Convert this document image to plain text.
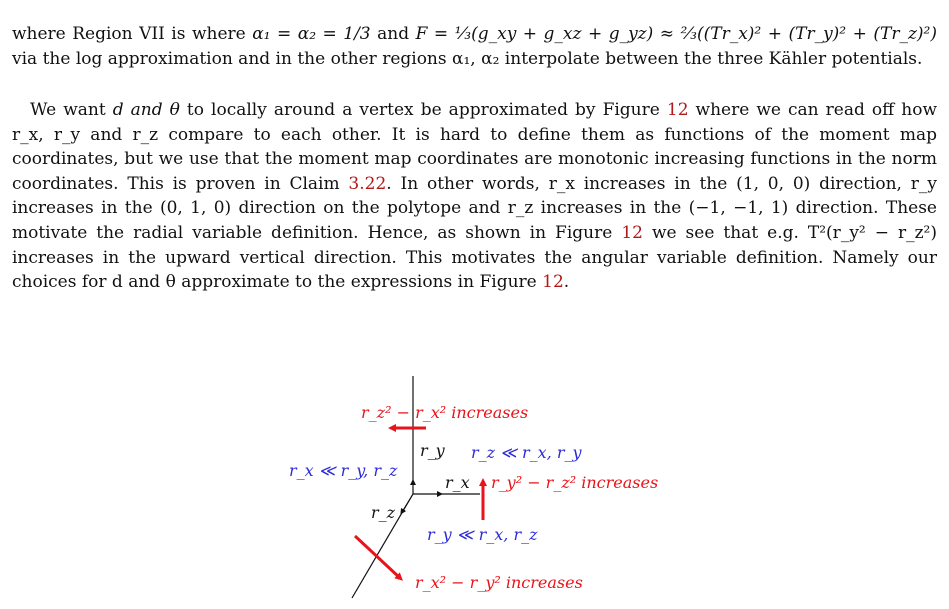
where Region VII is where α₁ = α₂ = 1/3 and F = ⅓(g_xy + g_xz + g_yz) ≈ ⅔((Tr_x)² + (Tr_y)² + (Tr_z)²) via the log approximation and in the other regions α₁, α₂ interpolate between the three Kähler potentials.
We want d and θ to locally around a vertex be approximated by Figure 12 where we can read off how r_x, r_y and r_z compare to each other. It is hard to define them as functions of the moment map coordinates, but we use that the moment map coordinates are monotonic increasing functions in the norm coordinates. This is proven in Claim 3.22. In other words, r_x increases in the (1, 0, 0) direction, r_y increases in the (0, 1, 0) direction on the polytope and r_z increases in the (−1, −1, 1) direction. These motivate the radial variable definition. Hence, as shown in Figure 12 we see that e.g. T²(r_y² − r_z²) increases in the upward vertical direction. This motivates the angular variable definition. Namely our choices for d and θ approximate to the expressions in Figure 12.
r_z² − r_x² increases
r_y r_z ≪ r_x, r_y
r_x ≪ r_y, r_z
r_x r_y² − r_z² increases
r_z
r_y ≪ r_x, r_z
r_x² − r_y² increases
